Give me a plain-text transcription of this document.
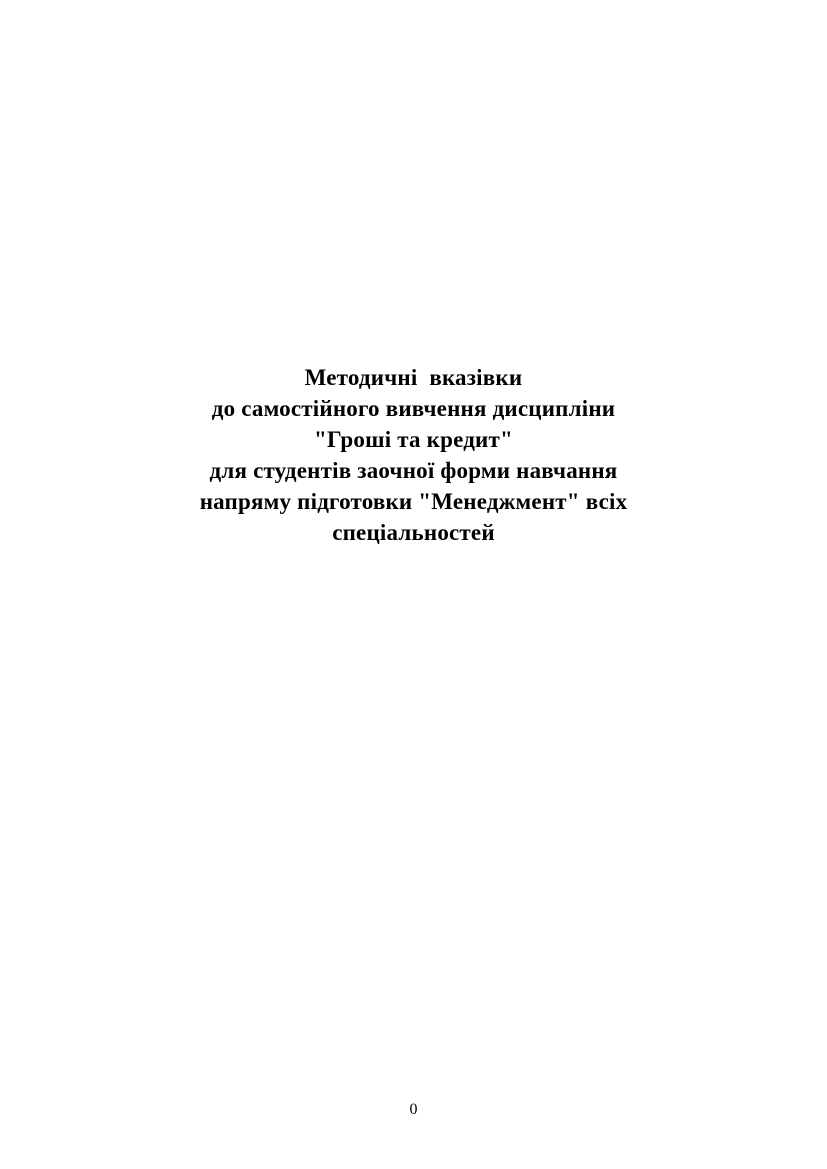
Методичні  вказівки
до самостійного вивчення дисципліни
"Гроші та кредит"
для студентів заочної форми навчання
напряму підготовки "Менеджмент" всіх
спеціальностей
0
